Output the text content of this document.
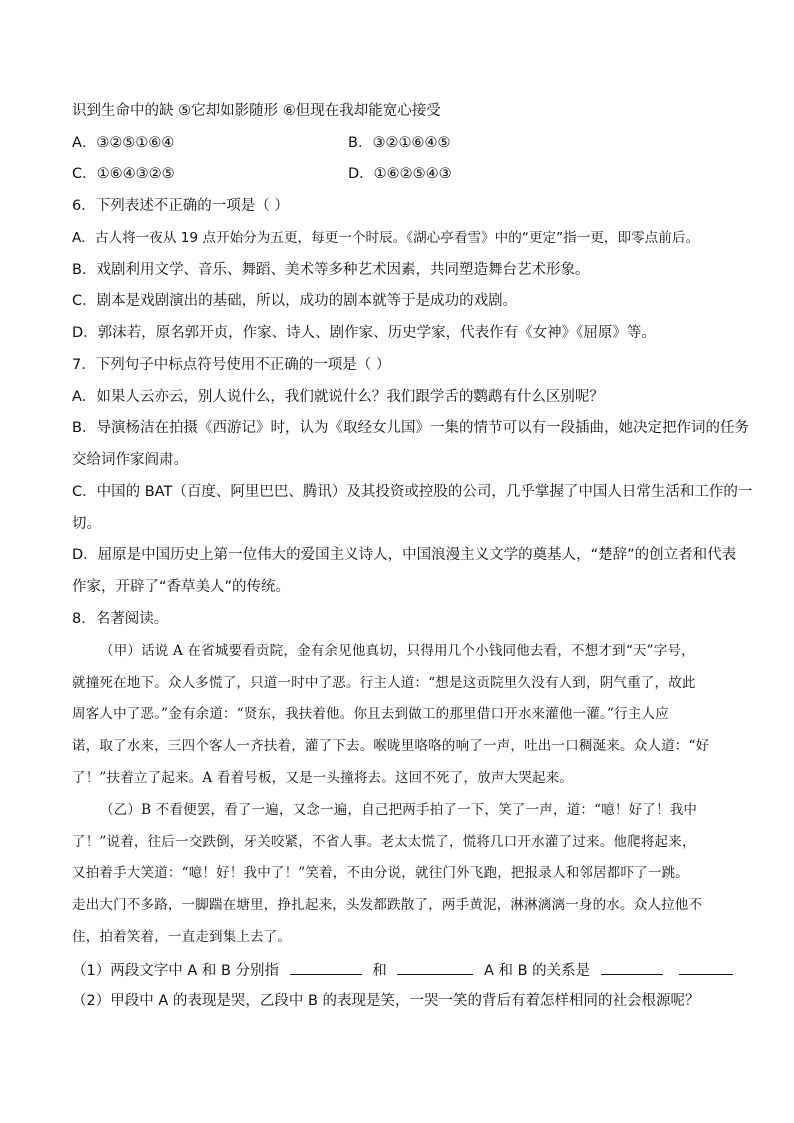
识到生命中的缺 ⑤它却如影随形 ⑥但现在我却能宽心接受
A．③②⑤①⑥④	B．③②①⑥④⑤
C．①⑥④③②⑤	D．①⑥②⑤④③
6．下列表述不正确的一项是（ ）
A．古人将一夜从 19 点开始分为五更，每更一个时辰。《湖心亭看雪》中的“更定”指一更，即零点前后。
B．戏剧利用文学、音乐、舞蹈、美术等多种艺术因素，共同塑造舞台艺术形象。
C．剧本是戏剧演出的基础，所以，成功的剧本就等于是成功的戏剧。
D．郭沫若，原名郭开贞，作家、诗人、剧作家、历史学家，代表作有《女神》《屈原》等。
7．下列句子中标点符号使用不正确的一项是（ ）
A．如果人云亦云，别人说什么，我们就说什么？我们跟学舌的鹦鹉有什么区别呢？
B．导演杨洁在拍摄《西游记》时，认为《取经女儿国》一集的情节可以有一段插曲，她决定把作词的任务
交给词作家阎肃。
C．中国的 BAT（百度、阿里巴巴、腾讯）及其投资或控股的公司，几乎掌握了中国人日常生活和工作的一
切。
D．屈原是中国历史上第一位伟大的爱国主义诗人，中国浪漫主义文学的奠基人，“楚辞”的创立者和代表
作家，开辟了“香草美人”的传统。
8．名著阅读。
（甲）话说 A 在省城要看贡院，金有余见他真切，只得用几个小钱同他去看，不想才到“天”字号，
就撞死在地下。众人多慌了，只道一时中了恶。行主人道：“想是这贡院里久没有人到，阴气重了，故此
周客人中了恶。”金有余道：“贤东，我扶着他。你且去到做工的那里借口开水来灌他一灌。”行主人应
诺，取了水来，三四个客人一齐扶着，灌了下去。喉咙里咯咯的响了一声，吐出一口稠涎来。众人道：“好
了！”扶着立了起来。A 看着号板，又是一头撞将去。这回不死了，放声大哭起来。
（乙）B 不看便罢，看了一遍，又念一遍，自己把两手拍了一下，笑了一声，道：“噫！好了！我中
了！”说着，往后一交跌倒，牙关咬紧，不省人事。老太太慌了，慌将几口开水灌了过来。他爬将起来，
又拍着手大笑道：“噫！好！我中了！”笑着，不由分说，就往门外飞跑，把报录人和邻居都吓了一跳。
走出大门不多路，一脚踹在塘里，挣扎起来，头发都跌散了，两手黄泥，淋淋漓漓一身的水。众人拉他不
住，拍着笑着，一直走到集上去了。
（1）两段文字中 A 和 B 分别指	和	A 和 B 的关系是
（2）甲段中 A 的表现是哭，乙段中 B 的表现是笑，一哭一笑的背后有着怎样相同的社会根源呢？
